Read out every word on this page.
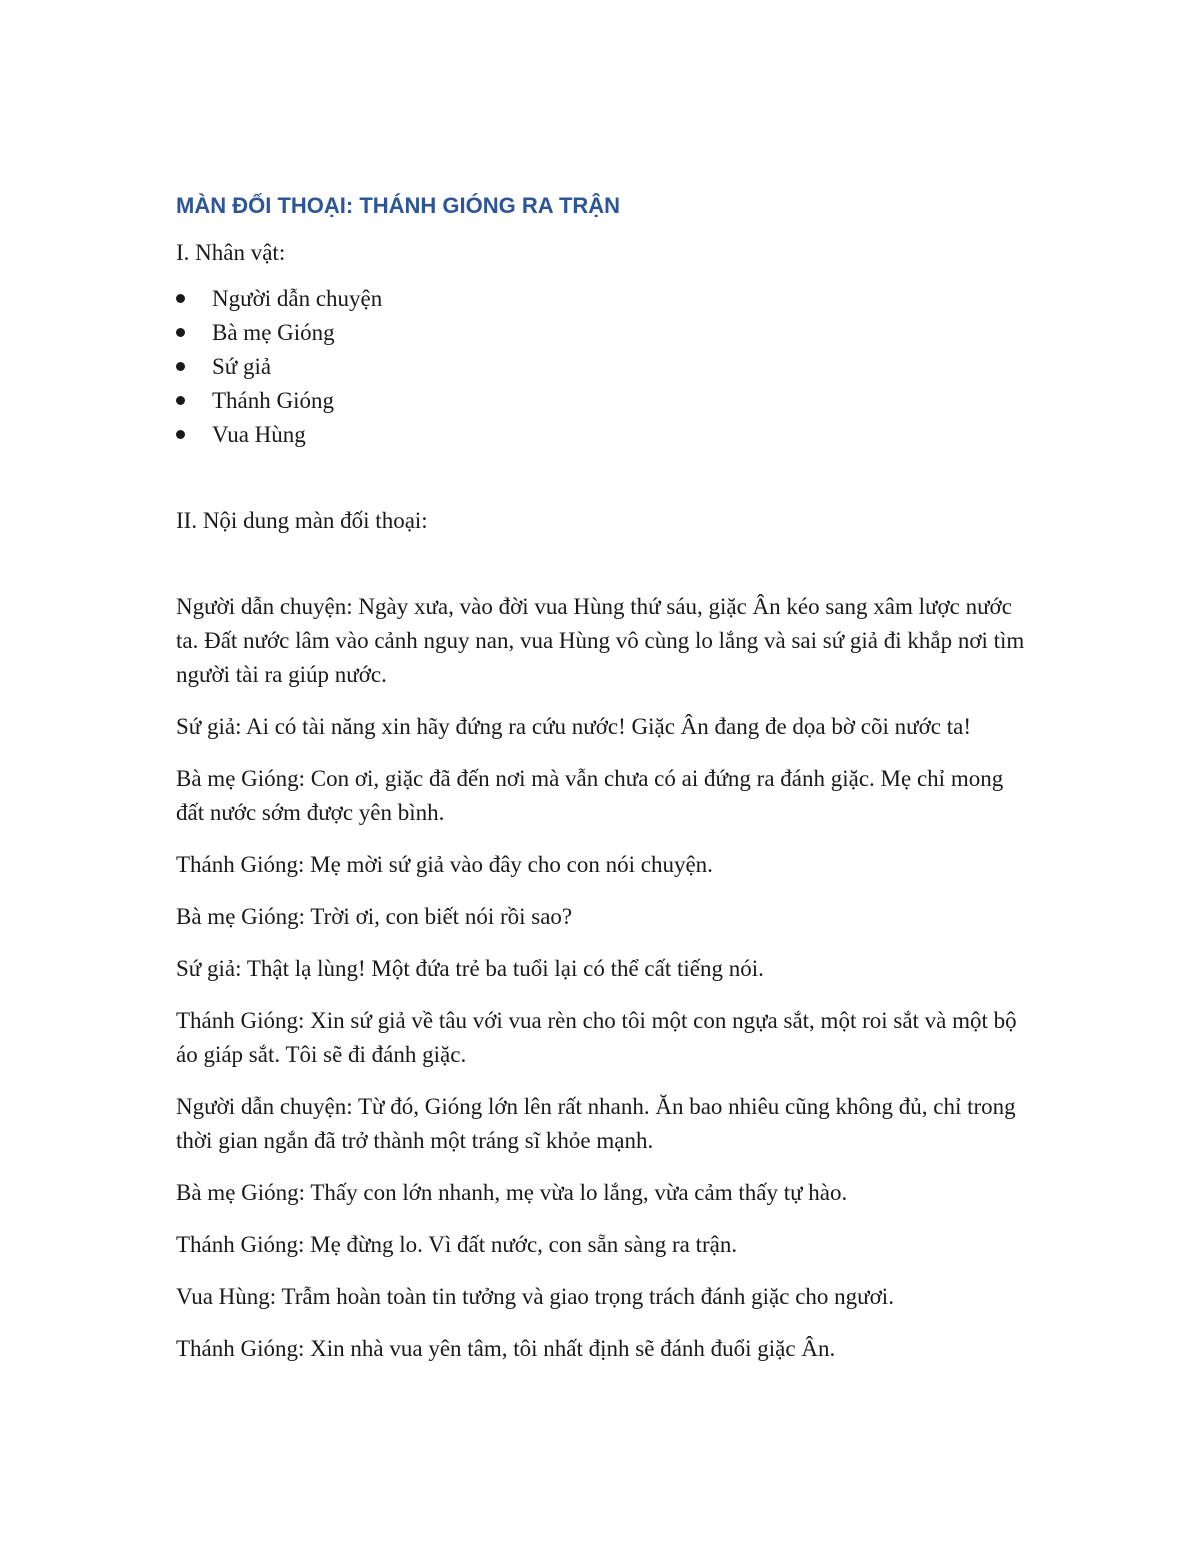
MÀN ĐỐI THOẠI: THÁNH GIÓNG RA TRẬN

I. Nhân vật:

Người dẫn chuyện
Bà mẹ Gióng
Sứ giả
Thánh Gióng
Vua Hùng

II. Nội dung màn đối thoại:

Người dẫn chuyện: Ngày xưa, vào đời vua Hùng thứ sáu, giặc Ân kéo sang xâm lược nước ta. Đất nước lâm vào cảnh nguy nan, vua Hùng vô cùng lo lắng và sai sứ giả đi khắp nơi tìm người tài ra giúp nước.

Sứ giả: Ai có tài năng xin hãy đứng ra cứu nước! Giặc Ân đang đe dọa bờ cõi nước ta!

Bà mẹ Gióng: Con ơi, giặc đã đến nơi mà vẫn chưa có ai đứng ra đánh giặc. Mẹ chỉ mong đất nước sớm được yên bình.

Thánh Gióng: Mẹ mời sứ giả vào đây cho con nói chuyện.

Bà mẹ Gióng: Trời ơi, con biết nói rồi sao?

Sứ giả: Thật lạ lùng! Một đứa trẻ ba tuổi lại có thể cất tiếng nói.

Thánh Gióng: Xin sứ giả về tâu với vua rèn cho tôi một con ngựa sắt, một roi sắt và một bộ áo giáp sắt. Tôi sẽ đi đánh giặc.

Người dẫn chuyện: Từ đó, Gióng lớn lên rất nhanh. Ăn bao nhiêu cũng không đủ, chỉ trong thời gian ngắn đã trở thành một tráng sĩ khỏe mạnh.

Bà mẹ Gióng: Thấy con lớn nhanh, mẹ vừa lo lắng, vừa cảm thấy tự hào.

Thánh Gióng: Mẹ đừng lo. Vì đất nước, con sẵn sàng ra trận.

Vua Hùng: Trẫm hoàn toàn tin tưởng và giao trọng trách đánh giặc cho ngươi.

Thánh Gióng: Xin nhà vua yên tâm, tôi nhất định sẽ đánh đuổi giặc Ân.
